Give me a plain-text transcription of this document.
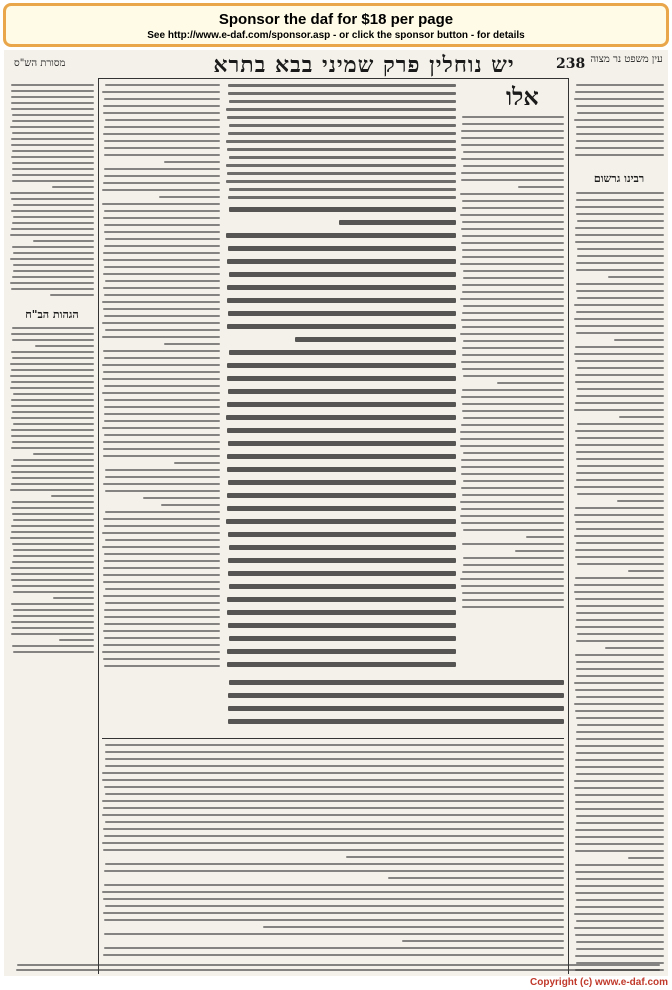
Sponsor the daf for $18 per page
See http://www.e-daf.com/sponsor.asp - or click the sponsor button - for details
238
יש נוחלין פרק שמיני בבא בתרא
מסורת הש"ס	עין משפט נר מצוה
הגהות הב"ח
אלו
רבינו גרשום
Copyright (c) www.e-daf.com
